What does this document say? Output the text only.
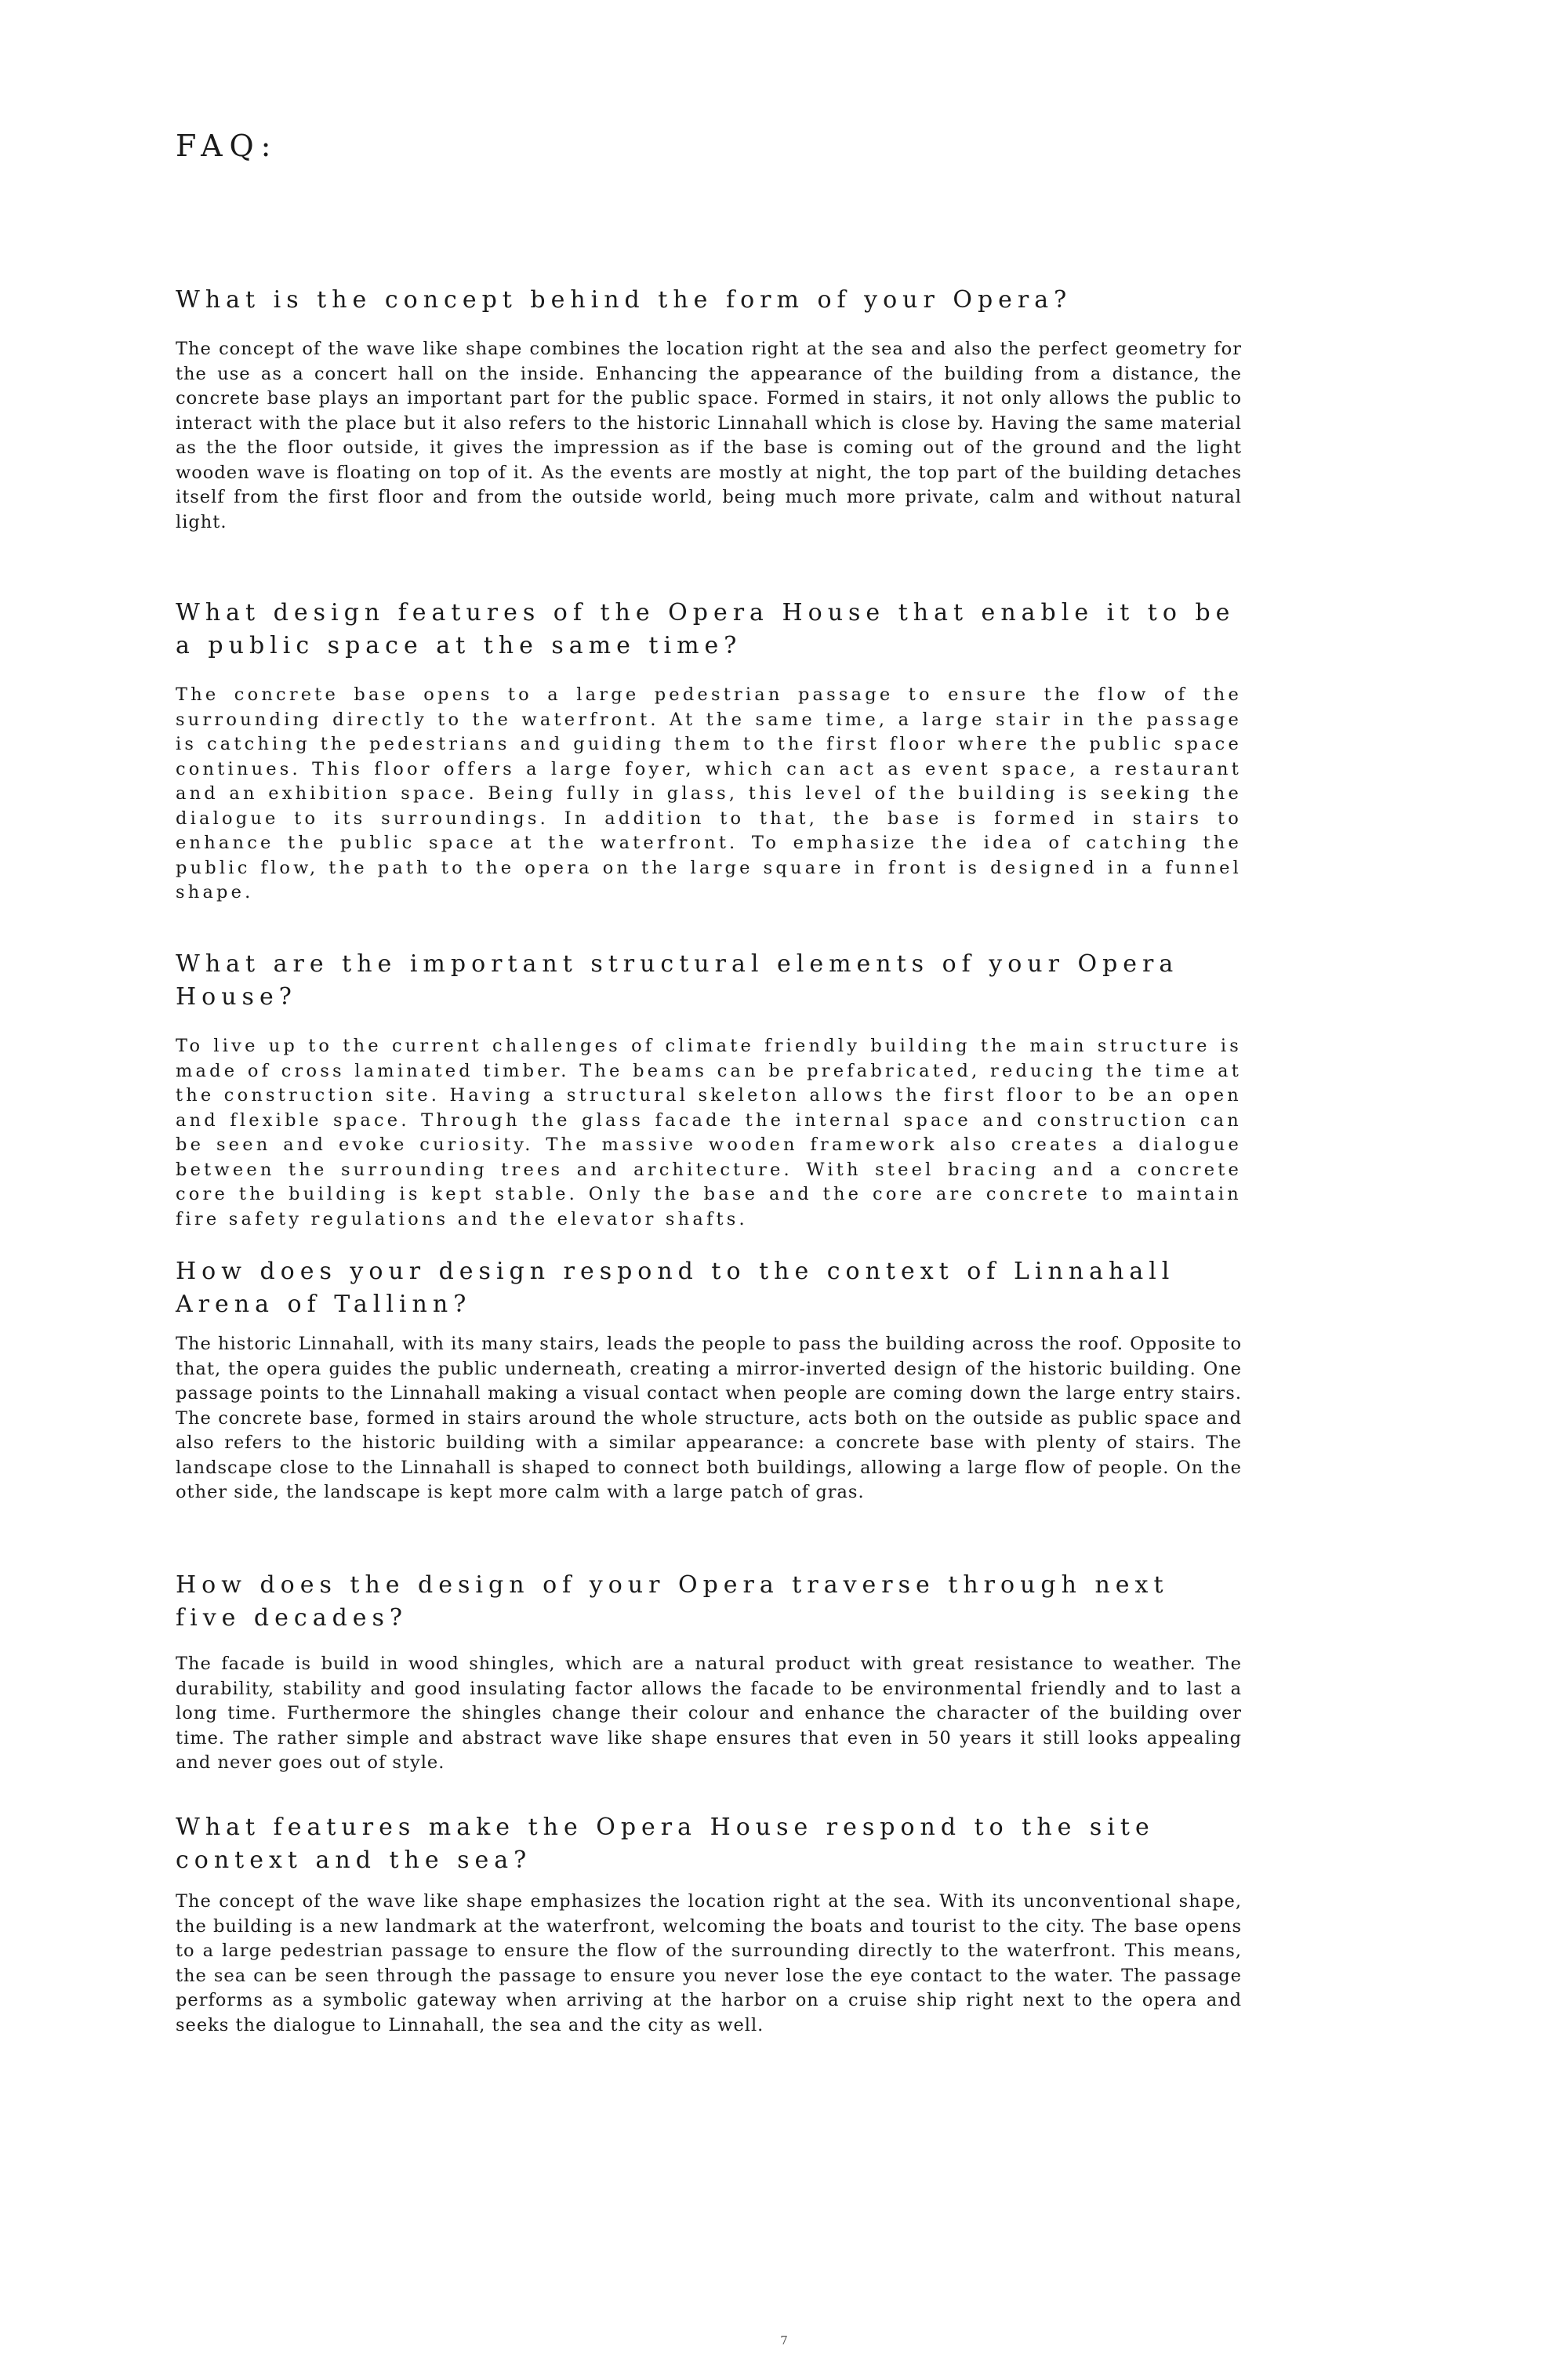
FAQ:
What is the concept behind the form of your Opera?

The concept of the wave like shape combines the location right at the sea and also the perfect geometry for the use as a concert hall on the inside. Enhancing the appearance of the building from a distance, the concrete base plays an important part for the public space. Formed in stairs, it not only allows the public to interact with the place but it also refers to the historic Linnahall which is close by. Having the same material as the the floor outside, it gives the impression as if the base is coming out of the ground and the light wooden wave is floating on top of it. As the events are mostly at night, the top part of the building detaches itself from the first floor and from the outside world, being much more private, calm and without natural light.

What design features of the Opera House that enable it to be a public space at the same time?

The concrete base opens to a large pedestrian passage to ensure the flow of the surrounding directly to the waterfront. At the same time, a large stair in the passage is catching the pedestrians and guiding them to the first floor where the public space continues. This floor offers a large foyer, which can act as event space, a restaurant and an exhibition space. Being fully in glass, this level of the building is seeking the dialogue to its surroundings. In addition to that, the base is formed in stairs to enhance the public space at the waterfront. To emphasize the idea of catching the public flow, the path to the opera on the large square in front is designed in a funnel shape.

What are the important structural elements of your Opera House?

To live up to the current challenges of climate friendly building the main structure is made of cross laminated timber. The beams can be prefabricated, reducing the time at the construction site. Having a structural skeleton allows the first floor to be an open and flexible space. Through the glass facade the internal space and construction can be seen and evoke curiosity. The massive wooden framework also creates a dialogue between the surrounding trees and architecture. With steel bracing and a concrete core the building is kept stable. Only the base and the core are concrete to maintain fire safety regulations and the elevator shafts.

How does your design respond to the context of Linnahall Arena of Tallinn?

The historic Linnahall, with its many stairs, leads the people to pass the building across the roof. Opposite to that, the opera guides the public underneath, creating a mirror-inverted design of the historic building. One passage points to the Linnahall making a visual contact when people are coming down the large entry stairs. The concrete base, formed in stairs around the whole structure, acts both on the outside as public space and also refers to the historic building with a similar appearance: a concrete base with plenty of stairs. The landscape close to the Linnahall is shaped to connect both buildings, allowing a large flow of people. On the other side, the landscape is kept more calm with a large patch of gras.

How does the design of your Opera traverse through next five decades?

The facade is build in wood shingles, which are a natural product with great resistance to weather. The durability, stability and good insulating factor allows the facade to be environmental friendly and to last a long time. Furthermore the shingles change their colour and enhance the character of the building over time. The rather simple and abstract wave like shape ensures that even in 50 years it still looks appealing and never goes out of style.

What features make the Opera House respond to the site context and the sea?

The concept of the wave like shape emphasizes the location right at the sea. With its unconventional shape, the building is a new landmark at the waterfront, welcoming the boats and tourist to the city. The base opens to a large pedestrian passage to ensure the flow of the surrounding directly to the waterfront. This means, the sea can be seen through the passage to ensure you never lose the eye contact to the water. The passage performs as a symbolic gateway when arriving at the harbor on a cruise ship right next to the opera and seeks the dialogue to Linnahall, the sea and the city as well.

7
